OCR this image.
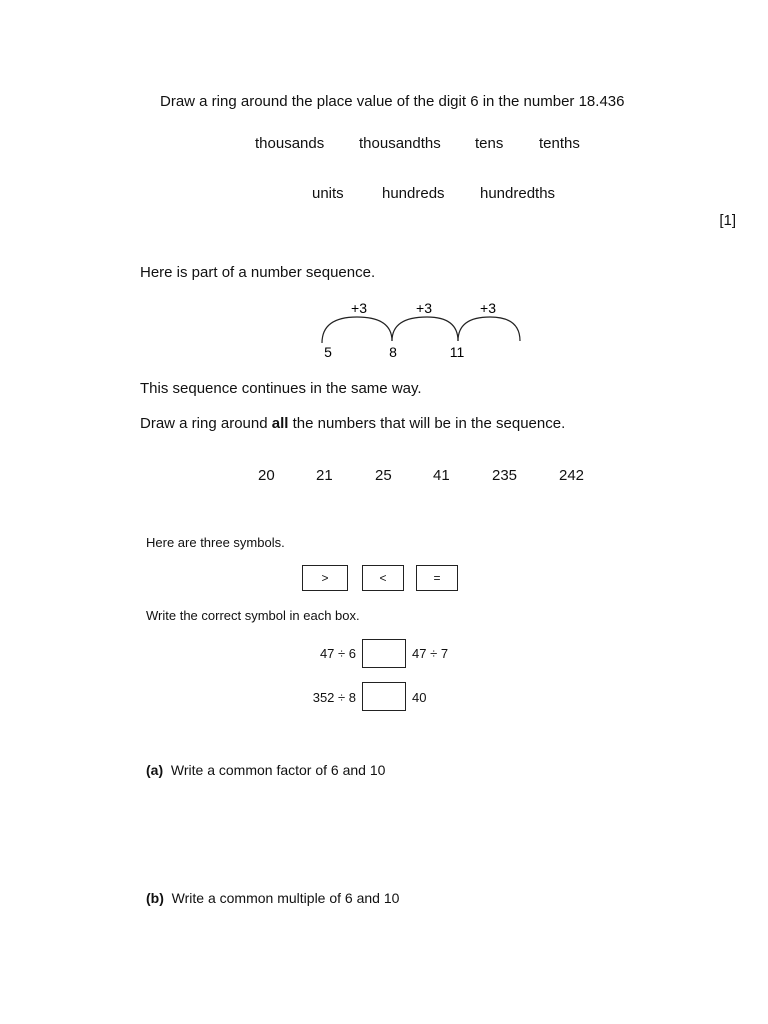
Draw a ring around the place value of the digit 6 in the number 18.436
thousands thousandths tens tenths
units	hundreds hundredths
[1]
Here is part of a number sequence.
+3	+3	+3
5	8	11
This sequence continues in the same way.
Draw a ring around all the numbers that will be in the sequence.
20	21	25	41	235	242
Here are three symbols.
>	<	=
Write the correct symbol in each box.
47 ÷ 6	47 ÷ 7
352 ÷ 8	40
(a) Write a common factor of 6 and 10
(b) Write a common multiple of 6 and 10
